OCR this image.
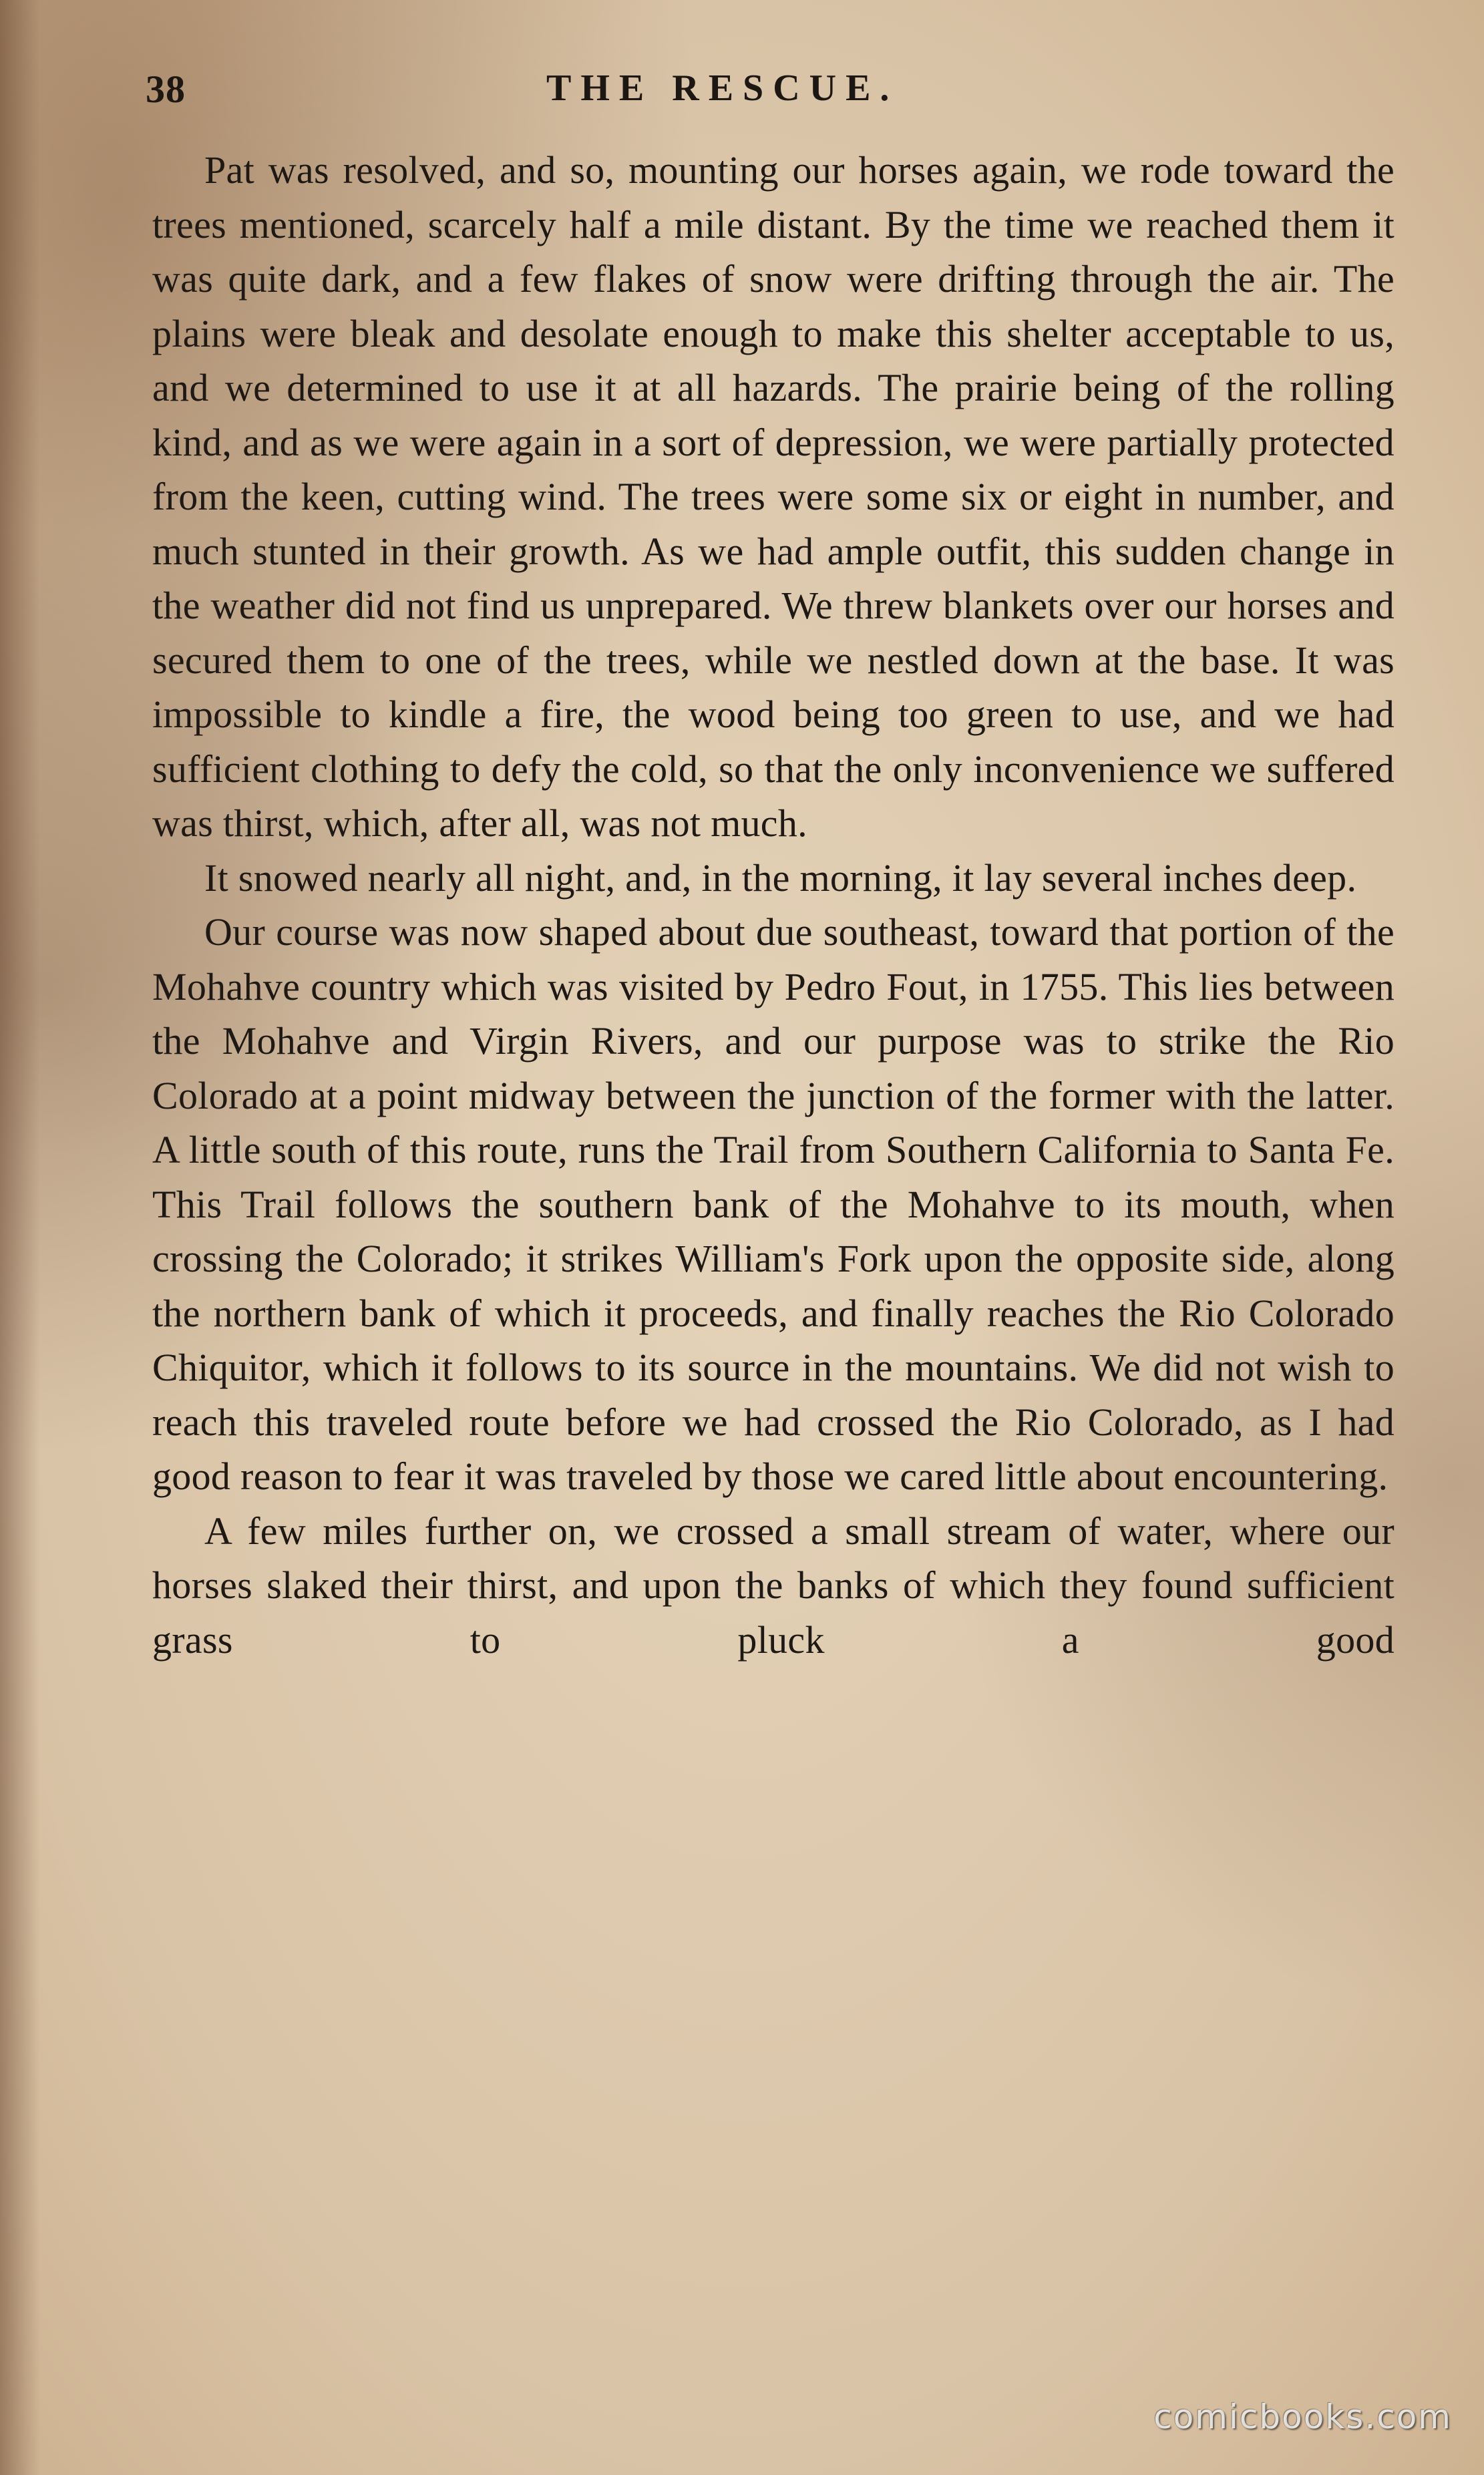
38	THE RESCUE.

Pat was resolved, and so, mounting our horses again, we rode toward the trees mentioned, scarcely half a mile distant. By the time we reached them it was quite dark, and a few flakes of snow were drifting through the air. The plains were bleak and desolate enough to make this shelter acceptable to us, and we determined to use it at all hazards. The prairie being of the rolling kind, and as we were again in a sort of depression, we were partially protected from the keen, cutting wind. The trees were some six or eight in number, and much stunted in their growth. As we had ample outfit, this sudden change in the weather did not find us unprepared. We threw blankets over our horses and secured them to one of the trees, while we nestled down at the base. It was impossible to kindle a fire, the wood being too green to use, and we had sufficient clothing to defy the cold, so that the only inconvenience we suffered was thirst, which, after all, was not much.

It snowed nearly all night, and, in the morning, it lay several inches deep.

Our course was now shaped about due southeast, toward that portion of the Mohahve country which was visited by Pedro Fout, in 1755. This lies between the Mohahve and Virgin Rivers, and our purpose was to strike the Rio Colorado at a point midway between the junction of the former with the latter. A little south of this route, runs the Trail from Southern California to Santa Fe. This Trail follows the southern bank of the Mohahve to its mouth, when crossing the Colorado; it strikes William's Fork upon the opposite side, along the northern bank of which it proceeds, and finally reaches the Rio Colorado Chiquitor, which it follows to its source in the mountains. We did not wish to reach this traveled route before we had crossed the Rio Colorado, as I had good reason to fear it was traveled by those we cared little about encountering.

A few miles further on, we crossed a small stream of water, where our horses slaked their thirst, and upon the banks of which they found sufficient grass to pluck a good

comicbooks.com
